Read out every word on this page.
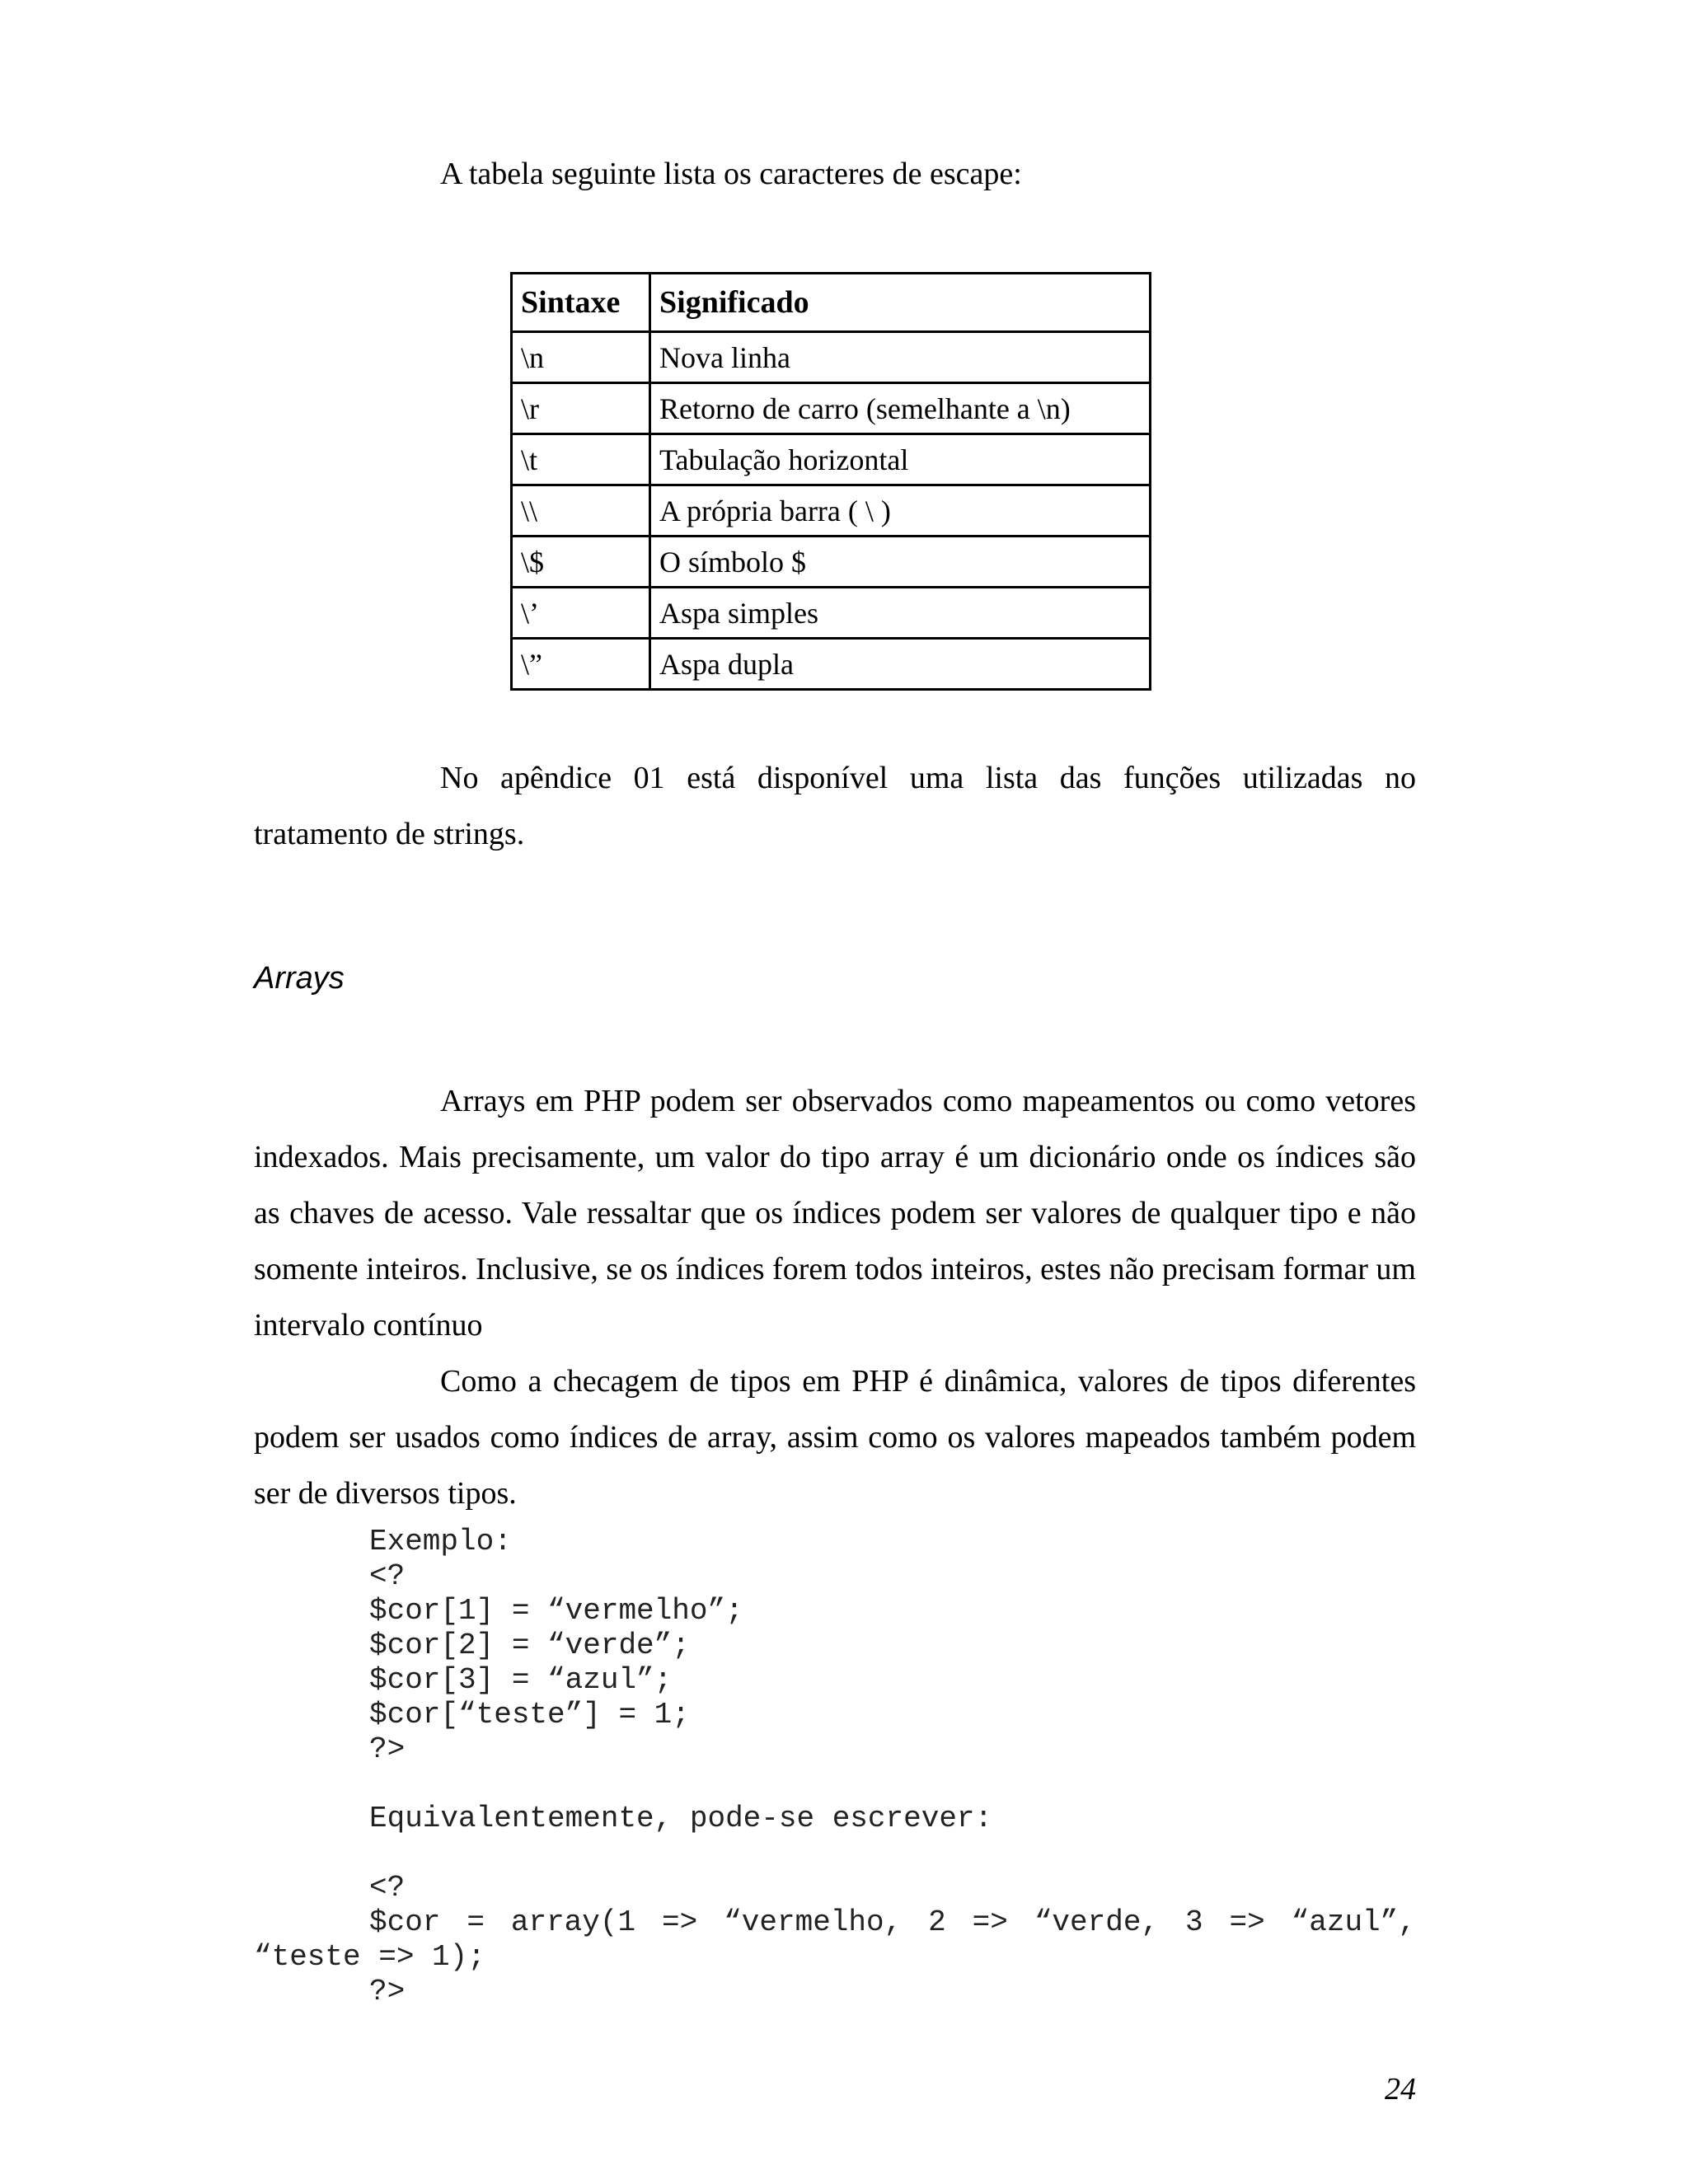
A tabela seguinte lista os caracteres de escape:

Sintaxe	Significado
\n	Nova linha
\r	Retorno de carro (semelhante a \n)
\t	Tabulação horizontal
\\	A própria barra ( \ )
\$	O símbolo $
\’	Aspa simples
\”	Aspa dupla

No apêndice 01 está disponível uma lista das funções utilizadas no tratamento de strings.

Arrays

Arrays em PHP podem ser observados como mapeamentos ou como vetores indexados. Mais precisamente, um valor do tipo array é um dicionário onde os índices são as chaves de acesso. Vale ressaltar que os índices podem ser valores de qualquer tipo e não somente inteiros. Inclusive, se os índices forem todos inteiros, estes não precisam formar um intervalo contínuo

Como a checagem de tipos em PHP é dinâmica, valores de tipos diferentes podem ser usados como índices de array, assim como os valores mapeados também podem ser de diversos tipos.

Exemplo:
<?
$cor[1] = “vermelho”;
$cor[2] = “verde”;
$cor[3] = “azul”;
$cor[“teste”] = 1;
?>
Equivalentemente, pode-se escrever:
<?
$cor = array(1 => “vermelho, 2 => “verde, 3 => “azul”,
“teste => 1);
?>
24
